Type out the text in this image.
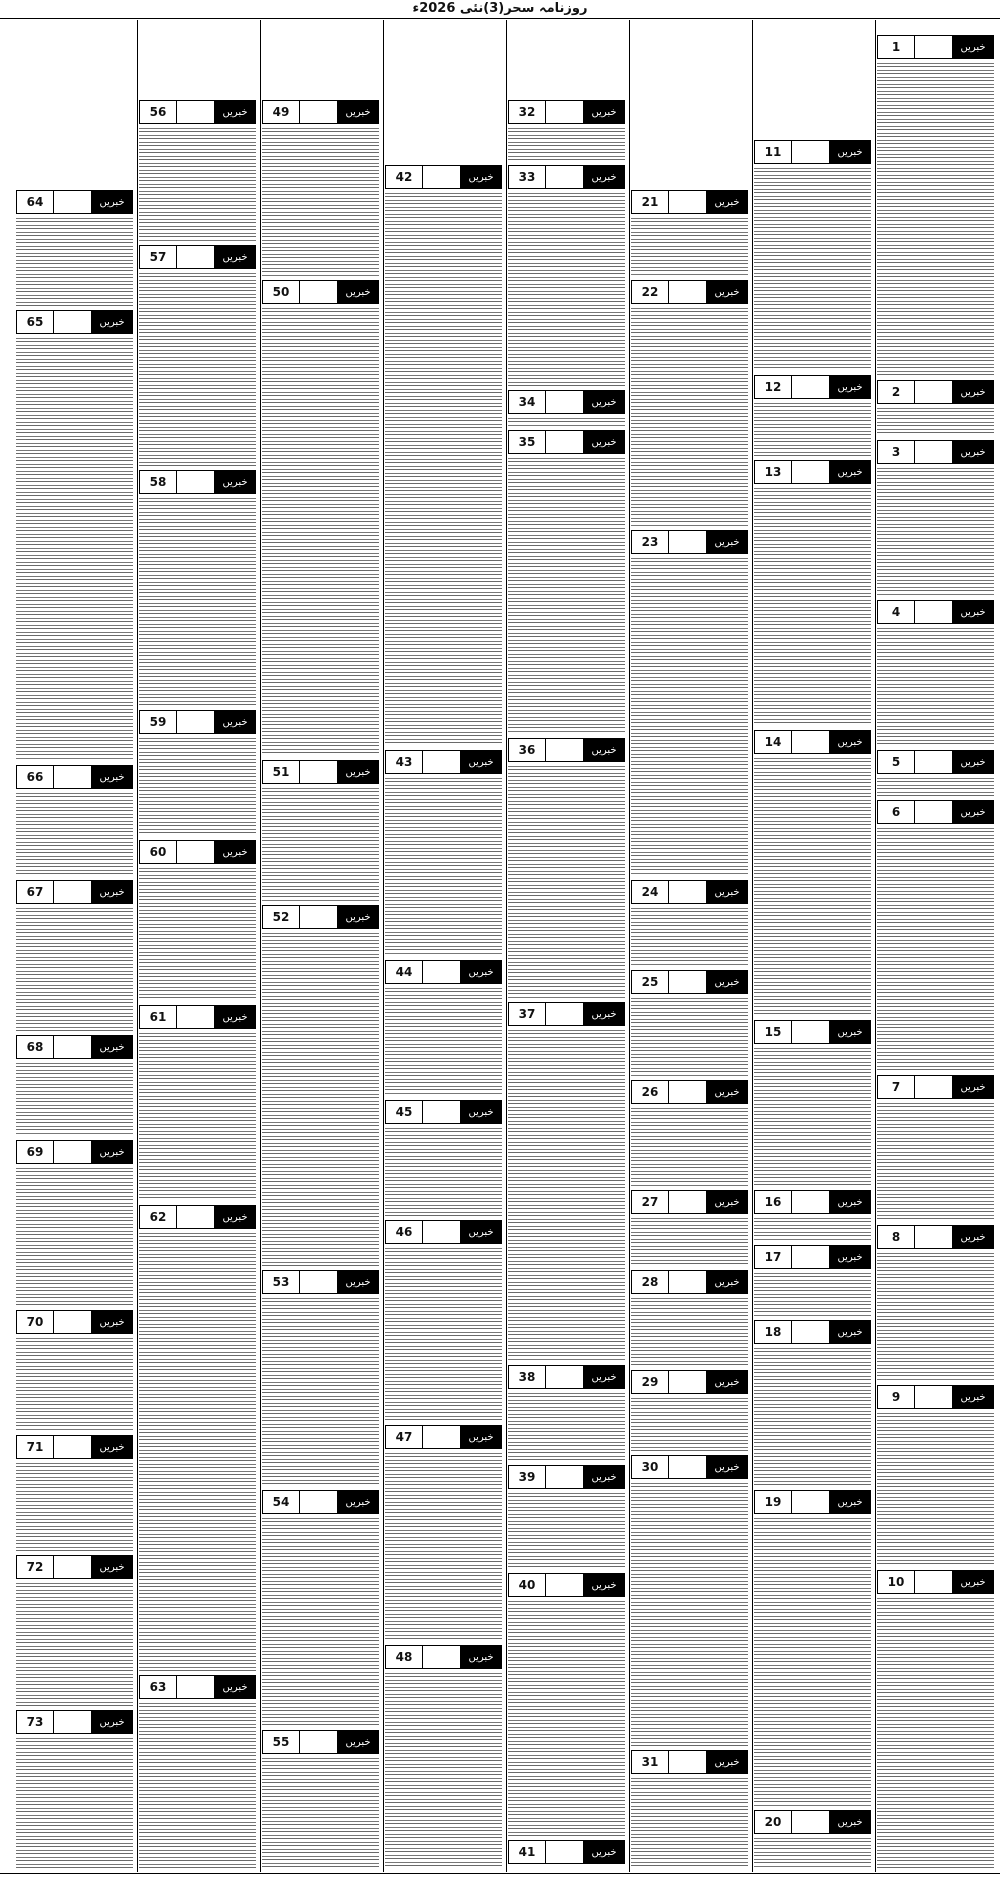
روزنامہ سحر(3)نئی 2026ء
1	خبریں
2	خبریں
3	خبریں
4	خبریں
5	خبریں
6	خبریں
7	خبریں
8	خبریں
9	خبریں
10	خبریں
11	خبریں
12	خبریں
13	خبریں
14	خبریں
15	خبریں
16	خبریں
17	خبریں
18	خبریں
19	خبریں
20	خبریں
21	خبریں
22	خبریں
23	خبریں
24	خبریں
25	خبریں
26	خبریں
27	خبریں
28	خبریں
29	خبریں
30	خبریں
31	خبریں
32	خبریں
33	خبریں
34	خبریں
35	خبریں
36	خبریں
37	خبریں
38	خبریں
39	خبریں
40	خبریں
41	خبریں
42	خبریں
43	خبریں
44	خبریں
45	خبریں
46	خبریں
47	خبریں
48	خبریں
49	خبریں
50	خبریں
51	خبریں
52	خبریں
53	خبریں
54	خبریں
55	خبریں
56	خبریں
57	خبریں
58	خبریں
59	خبریں
60	خبریں
61	خبریں
62	خبریں
63	خبریں
64	خبریں
65	خبریں
66	خبریں
67	خبریں
68	خبریں
69	خبریں
70	خبریں
71	خبریں
72	خبریں
73	خبریں
